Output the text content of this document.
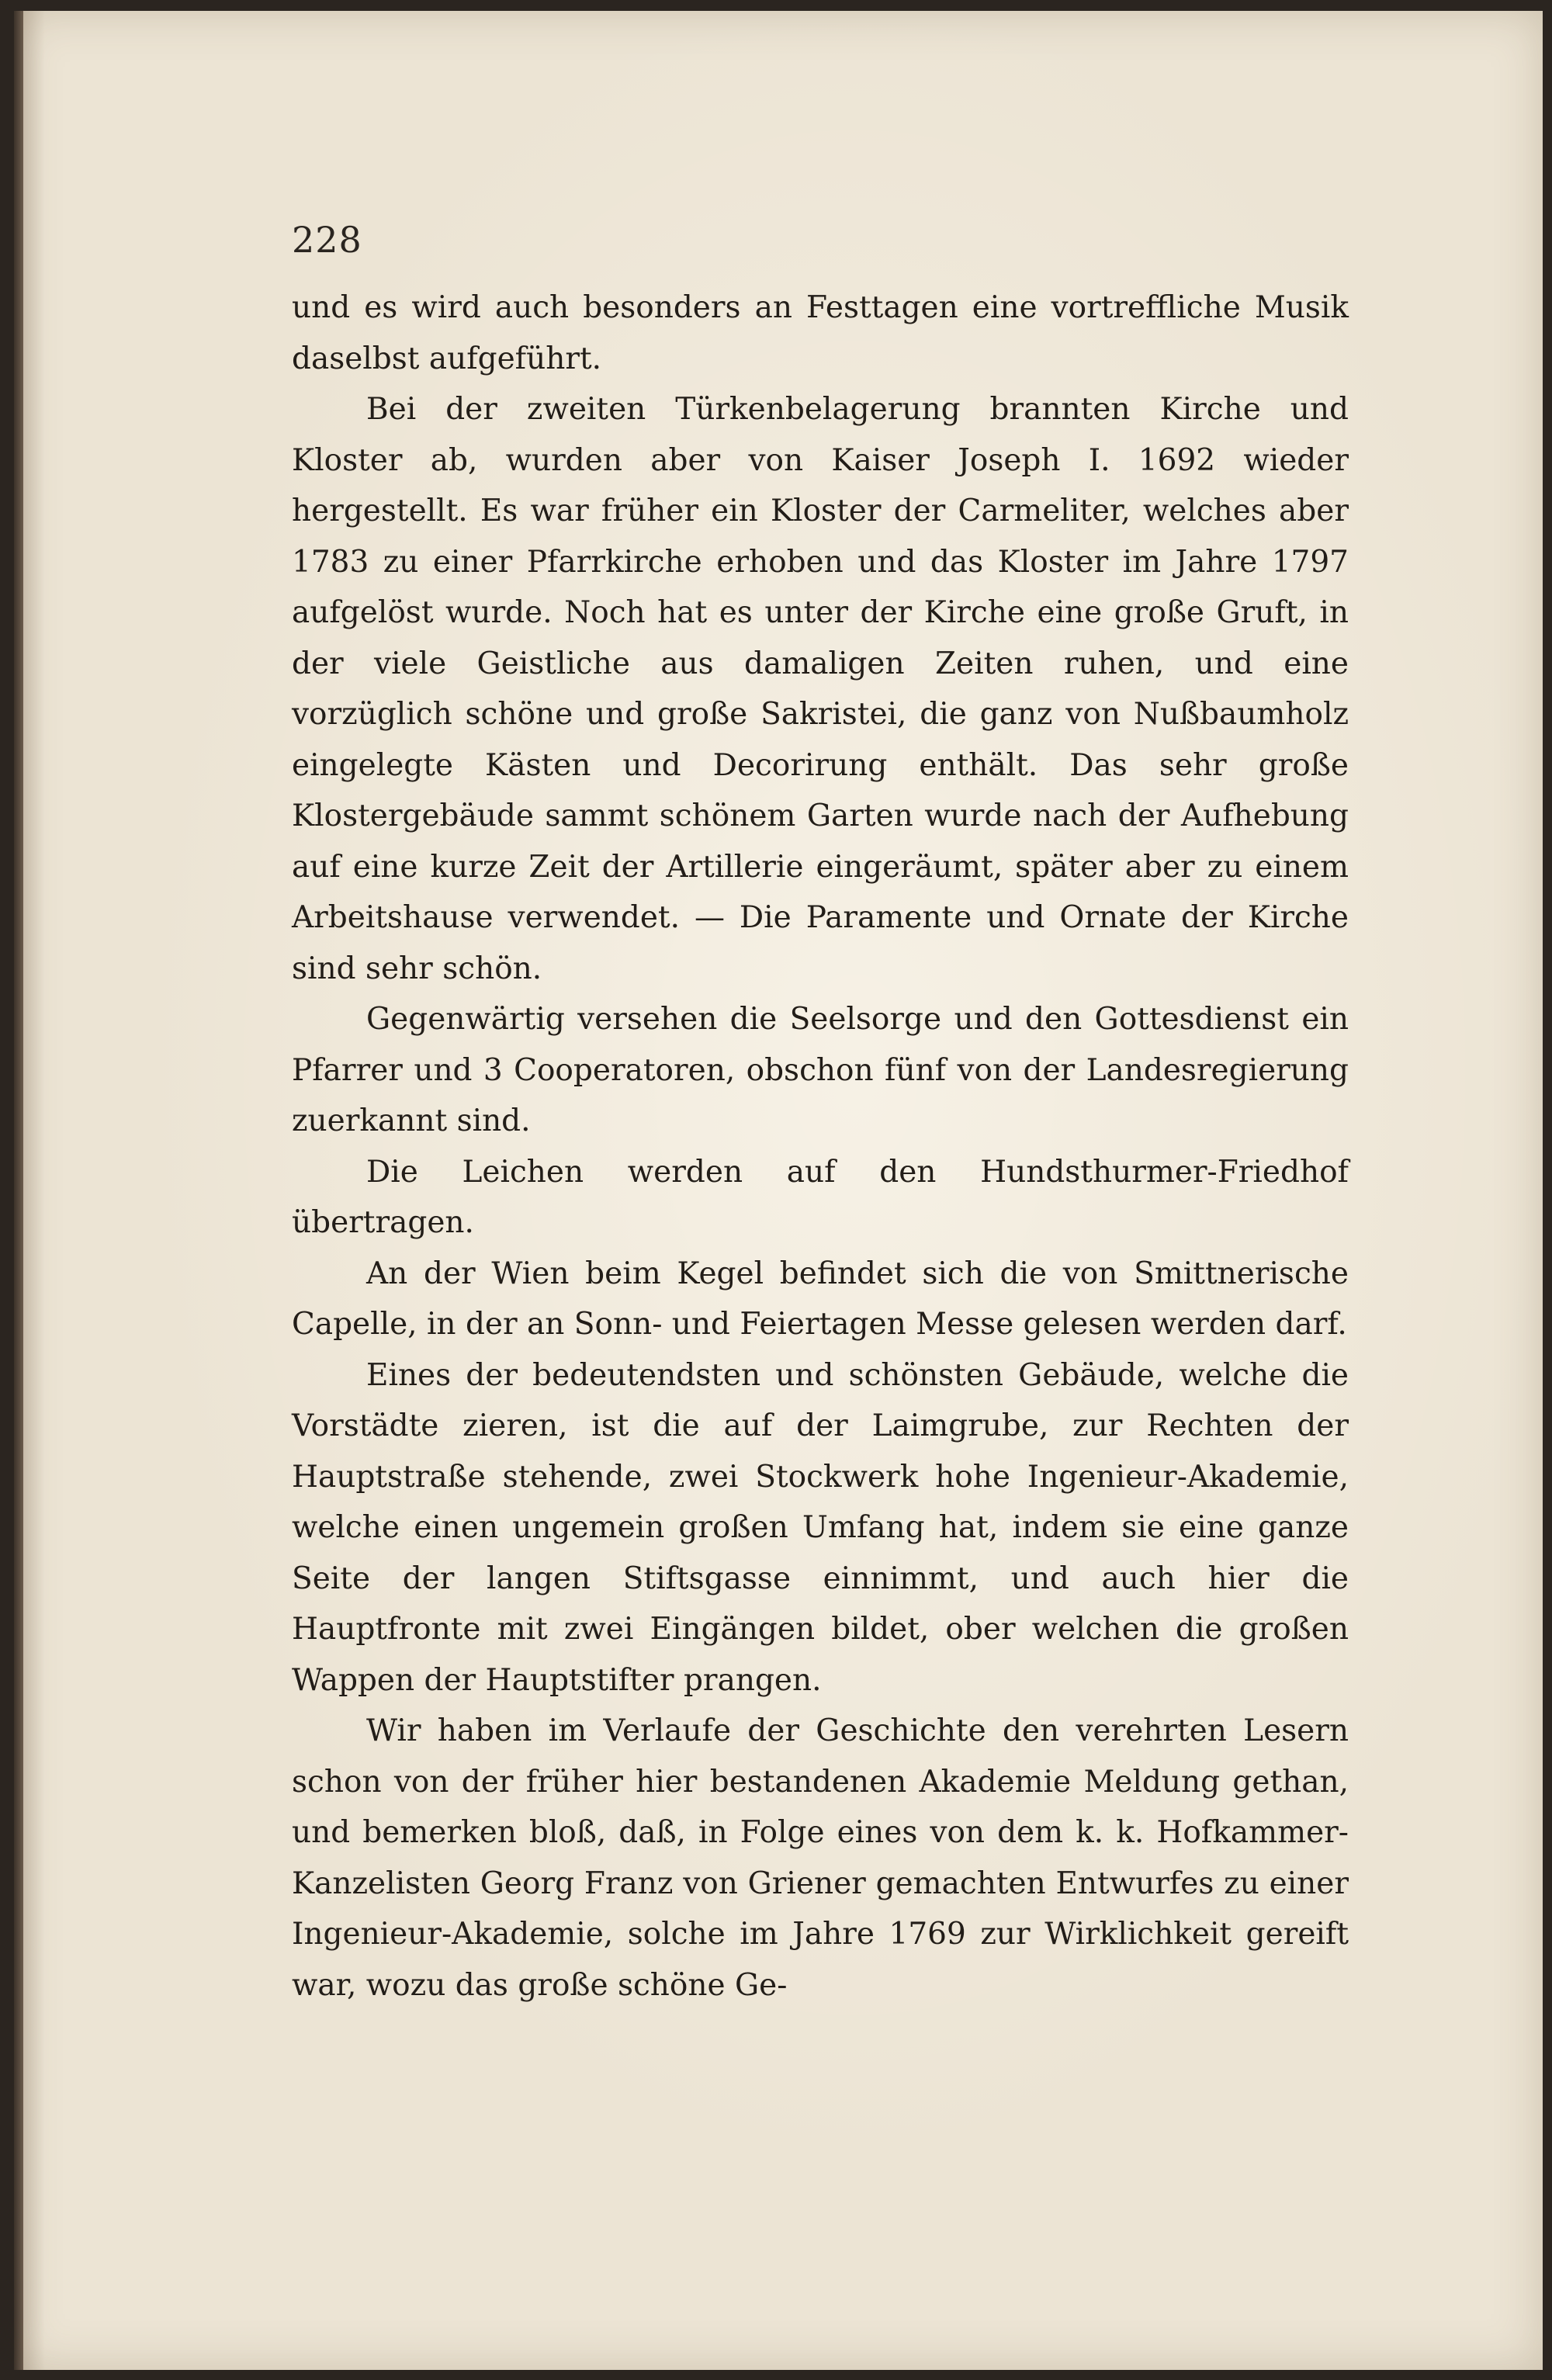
228

und es wird auch besonders an Festtagen eine vortreffliche Musik daselbst aufgeführt.

Bei der zweiten Türkenbelagerung brannten Kirche und Kloster ab, wurden aber von Kaiser Joseph I. 1692 wieder hergestellt. Es war früher ein Kloster der Carmeliter, welches aber 1783 zu einer Pfarrkirche erhoben und das Kloster im Jahre 1797 aufgelöst wurde. Noch hat es unter der Kirche eine große Gruft, in der viele Geistliche aus damaligen Zeiten ruhen, und eine vorzüglich schöne und große Sakristei, die ganz von Nußbaumholz eingelegte Kästen und Decorirung enthält. Das sehr große Klostergebäude sammt schönem Garten wurde nach der Aufhebung auf eine kurze Zeit der Artillerie eingeräumt, später aber zu einem Arbeitshause verwendet. — Die Paramente und Ornate der Kirche sind sehr schön.

Gegenwärtig versehen die Seelsorge und den Gottesdienst ein Pfarrer und 3 Cooperatoren, obschon fünf von der Landesregierung zuerkannt sind.

Die Leichen werden auf den Hundsthurmer-Friedhof übertragen.

An der Wien beim Kegel befindet sich die von Smittnerische Capelle, in der an Sonn- und Feiertagen Messe gelesen werden darf.

Eines der bedeutendsten und schönsten Gebäude, welche die Vorstädte zieren, ist die auf der Laimgrube, zur Rechten der Hauptstraße stehende, zwei Stockwerk hohe Ingenieur-Akademie, welche einen ungemein großen Umfang hat, indem sie eine ganze Seite der langen Stiftsgasse einnimmt, und auch hier die Hauptfronte mit zwei Eingängen bildet, ober welchen die großen Wappen der Hauptstifter prangen.

Wir haben im Verlaufe der Geschichte den verehrten Lesern schon von der früher hier bestandenen Akademie Meldung gethan, und bemerken bloß, daß, in Folge eines von dem k. k. Hofkammer-Kanzelisten Georg Franz von Griener gemachten Entwurfes zu einer Ingenieur-Akademie, solche im Jahre 1769 zur Wirklichkeit gereift war, wozu das große schöne Ge-
